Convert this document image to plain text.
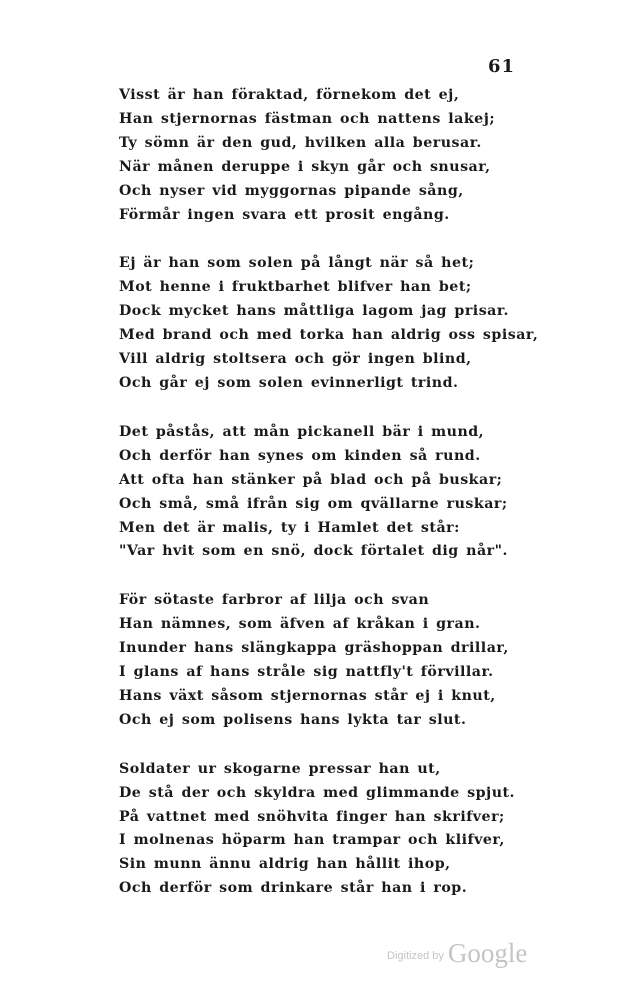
61
Visst är han föraktad, förnekom det ej,
Han stjernornas fästman och nattens lakej;
Ty sömn är den gud, hvilken alla berusar.
När månen deruppe i skyn går och snusar,
Och nyser vid myggornas pipande sång,
Förmår ingen svara ett prosit engång.
Ej är han som solen på långt när så het;
Mot henne i fruktbarhet blifver han bet;
Dock mycket hans måttliga lagom jag prisar.
Med brand och med torka han aldrig oss spisar,
Vill aldrig stoltsera och gör ingen blind,
Och går ej som solen evinnerligt trind.
Det påstås, att mån pickanell bär i mund,
Och derför han synes om kinden så rund.
Att ofta han stänker på blad och på buskar;
Och små, små ifrån sig om qvällarne ruskar;
Men det är malis, ty i Hamlet det står:
"Var hvit som en snö, dock förtalet dig når".
För sötaste farbror af lilja och svan
Han nämnes, som äfven af kråkan i gran.
Inunder hans slängkappa gräshoppan drillar,
I glans af hans stråle sig nattfly't förvillar.
Hans växt såsom stjernornas står ej i knut,
Och ej som polisens hans lykta tar slut.
Soldater ur skogarne pressar han ut,
De stå der och skyldra med glimmande spjut.
På vattnet med snöhvita finger han skrifver;
I molnenas höparm han trampar och klifver,
Sin munn ännu aldrig han hållit ihop,
Och derför som drinkare står han i rop.
Digitized by Google
